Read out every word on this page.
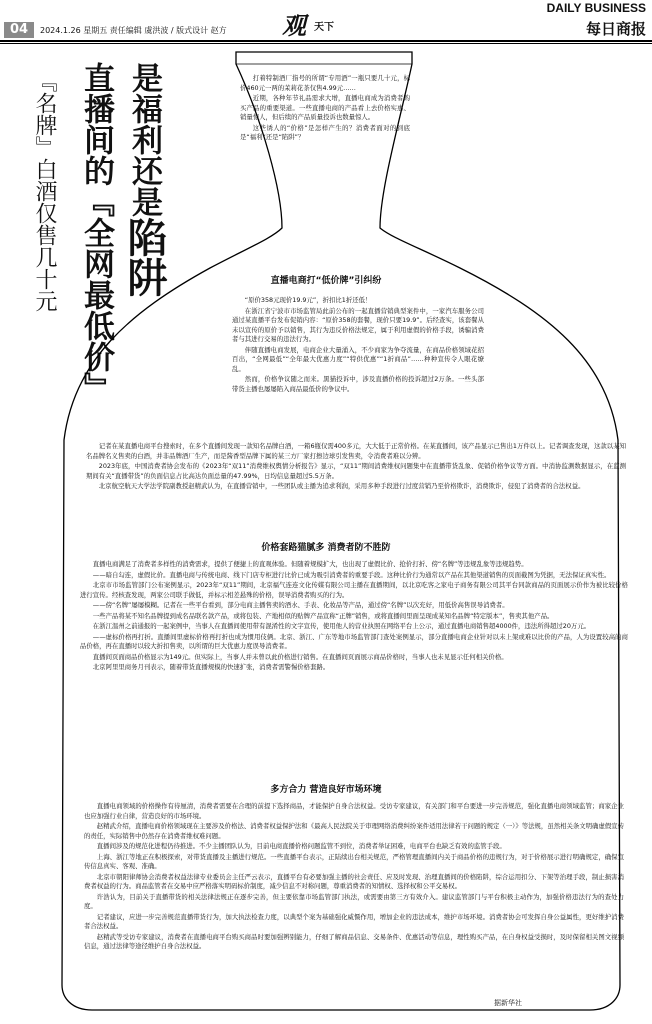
04	2024.1.26 星期五 责任编辑 虞洪波 / 版式设计 赵方 观 天下
DAILY BUSINESS
每日商报
『名牌』白酒仅售几十元	是福利还是陷阱
直播间的『全网最低价』	打着特制酒厂指号的所谓“专用酒”一瓶只要几十元，标价460元一两的茉莉花茶仅售4.99元……

近期，各种年节礼品需求大增，直播电商成为消费者购买产品的重要渠道。一些直播电商的产品看上去价格实惠、销量惊人，但后续的产品质量投诉也数量惊人。

这些诱人的“价格”是怎样产生的？消费者面对的到底是“福利”还是“陷阱”？

直播电商打“低价牌”引纠纷

“原价358元现价19.9元”，折扣比1折还低！

在浙江省宁波市市场监管局此前公布的一起直播营销典型案件中，一家汽车服务公司通过某直播平台发布促销内容：“原价358的套餐，现价只要19.9”。后经查实，该套餐从未以宣传的原价予以销售，其行为违反价格法规定，属于利用虚假的价格手段，诱骗消费者与其进行交易的违法行为。

伴随直播电商发展，电商企业大量涌入，不少商家为争夺流量，在商品价格领域花招百出，“全网最低”“全年最大优惠力度”“特供优惠”“1折商品”……种种宣传令人眼花缭乱。

然而，价格争议随之而来。黑猫投诉中，涉及直播价格的投诉超过2万条。一些头部带货主播也屡屡陷入商品最低价的争议中。

记者在某直播电商平台搜索时，在多个直播间发现一款知名品牌白酒，一箱6瓶仅需400多元，大大低于正常价格。在某直播间，该产品显示已售出1万件以上。记者调查发现，这款以某知名品牌名义售卖的白酒，并非品牌酒厂生产，而是酱香型品牌下属的某三方厂家打擦边球引发售卖，令消费者难以分辨。

2023年底，中国消费者协会发布的《2023年“双11”消费维权舆情分析报告》显示，“双11”期间消费维权问题集中在直播带货乱象、促销价格争议等方面。中消协监测数据显示，在监测期间有关“直播带货”的负面信息占比高达负面总量的47.99%，日均信息量超过5.5万条。

北京航空航天大学法学院副教授赵精武认为，在直播营销中，一些团队或主播为追求利润，采用多种手段进行过度营销乃至价格欺诈，消费欺诈，侵犯了消费者的合法权益。

价格套路猫腻多 消费者防不胜防

直播电商满足了消费者多样性的消费需求，提供了便捷上的直观体验。但随着规模扩大，也出现了虚假比价、抢价打折、傍“名牌”等违规乱象等违规趋势。

——暗自勾连，虚假比价。直播电商与传统电商、线下门店专柜进行比价已成为吸引消费者的重要手段。这种比价行为通常以产品在其他渠道销售的页面截图为凭据，无法保证真实性。

北京市市场监管部门公布案例显示，2023年“双11”期间，北京福气连连文化传媒有限公司主播在直播期间，以北京吃客之家电子商务有限公司其平台同款商品的页面展示价作为被比较价格进行宣传。经核查发现，两家公司联手做低，并标示相差悬殊的价格，误导消费者购买的行为。

——傍“名牌”屡屡模糊。记者在一些平台看到，部分电商主播售卖的酒水、手表、化妆品等产品，通过傍“名牌”以次充好，用低价高售误导消费者。

一些产品将某不知名品牌提到成名品联名款产品，或将包装、产地相似的贴牌产品宣称“正牌”销售，或将直播间里面呈现成某知名品牌“特定版本”，售卖其他产品。

在浙江温州之前通报的一起案例中，当事人在直播间使用带有混淆性的文字宣传，使用他人的营业执照在网络平台上公示，通过直播电商销售超4000件，违法所得超过20万元。

——虚标价格再打折。直播间里虚标价格再打折也成为惯用伎俩。北京、浙江、广东等地市场监管部门查处案例显示，部分直播电商企业针对以未上架或难以比价的产品，人为设置较高的商品价格，再在直播时以较大折扣售卖，以所谓的巨大优惠力度误导消费者。

直播间页面商品价格显示为149元。但实际上，当事人并未曾以此价格进行销售。在直播间页面展示商品价格时，当事人也未见显示任何相关价格。

北京阿里里商务月刊表示，随着带货直播规模的快速扩张，消费者需警惕价格套路。

多方合力 营造良好市场环境

直播电商领域的价格操作有待厘清，消费者需要在合理的前提下选择商品，才能保护自身合法权益。受访专家建议，有关部门和平台要进一步完善规范，强化直播电商领域监管；商家企业也应加强行业自律，营造良好的市场环境。

赵精武介绍，直播电商价格领域现在主要涉及价格法、消费者权益保护法和《最高人民法院关于审理网络消费纠纷案件适用法律若干问题的规定（一）》等法规，虽然相关条文明确虚假宣传的责任，实际销售中仍然存在消费者维权难问题。

直播间涉及的规范化进程仍待推进。不少主播团队认为，目前电商直播价格问题监管不到位，消费者举证困难，电商平台也缺乏有效的监管手段。

上海、浙江等地正在积极探索，对带货直播及主播进行规范。一些直播平台表示，正陆续出台相关规范，严格管理直播间内关于商品价格的违规行为，对于价格展示进行明确规定，确保宣传信息真实、客观、准确。

北京市朝阳律师协会消费者权益法律专业委员会主任严云表示，直播平台有必要加强主播的社会责任、应及时发现、治理直播间的价格陷阱，综合运用扣分、下架等治理手段，制止损害消费者权益的行为。商品监管者在交易中应严格落实明码标价制度，减少信息不对称问题，尊重消费者的知情权、选择权和公平交易权。

许浩认为，目前关于直播带货的相关法律法规正在逐步完善，但主要依靠市场监管部门执法，或需要由第三方有效介入。建议监管部门与平台积极主动作为，加强价格违法行为的查处力度。

记者建议，应进一步完善规范直播带货行为，加大执法检查力度，以典型个案为基础强化威慑作用，增加企业的违法成本，维护市场环境。消费者协会可发挥自身公益属性，更好维护消费者合法权益。

赵精武等受访专家建议，消费者在直播电商平台购买商品时要加强辨别能力，仔细了解商品信息、交易条件、优惠活动等信息，理性购买产品，在自身权益受损时，及时保留相关图文视频信息，通过法律等途径维护自身合法权益。

据新华社
